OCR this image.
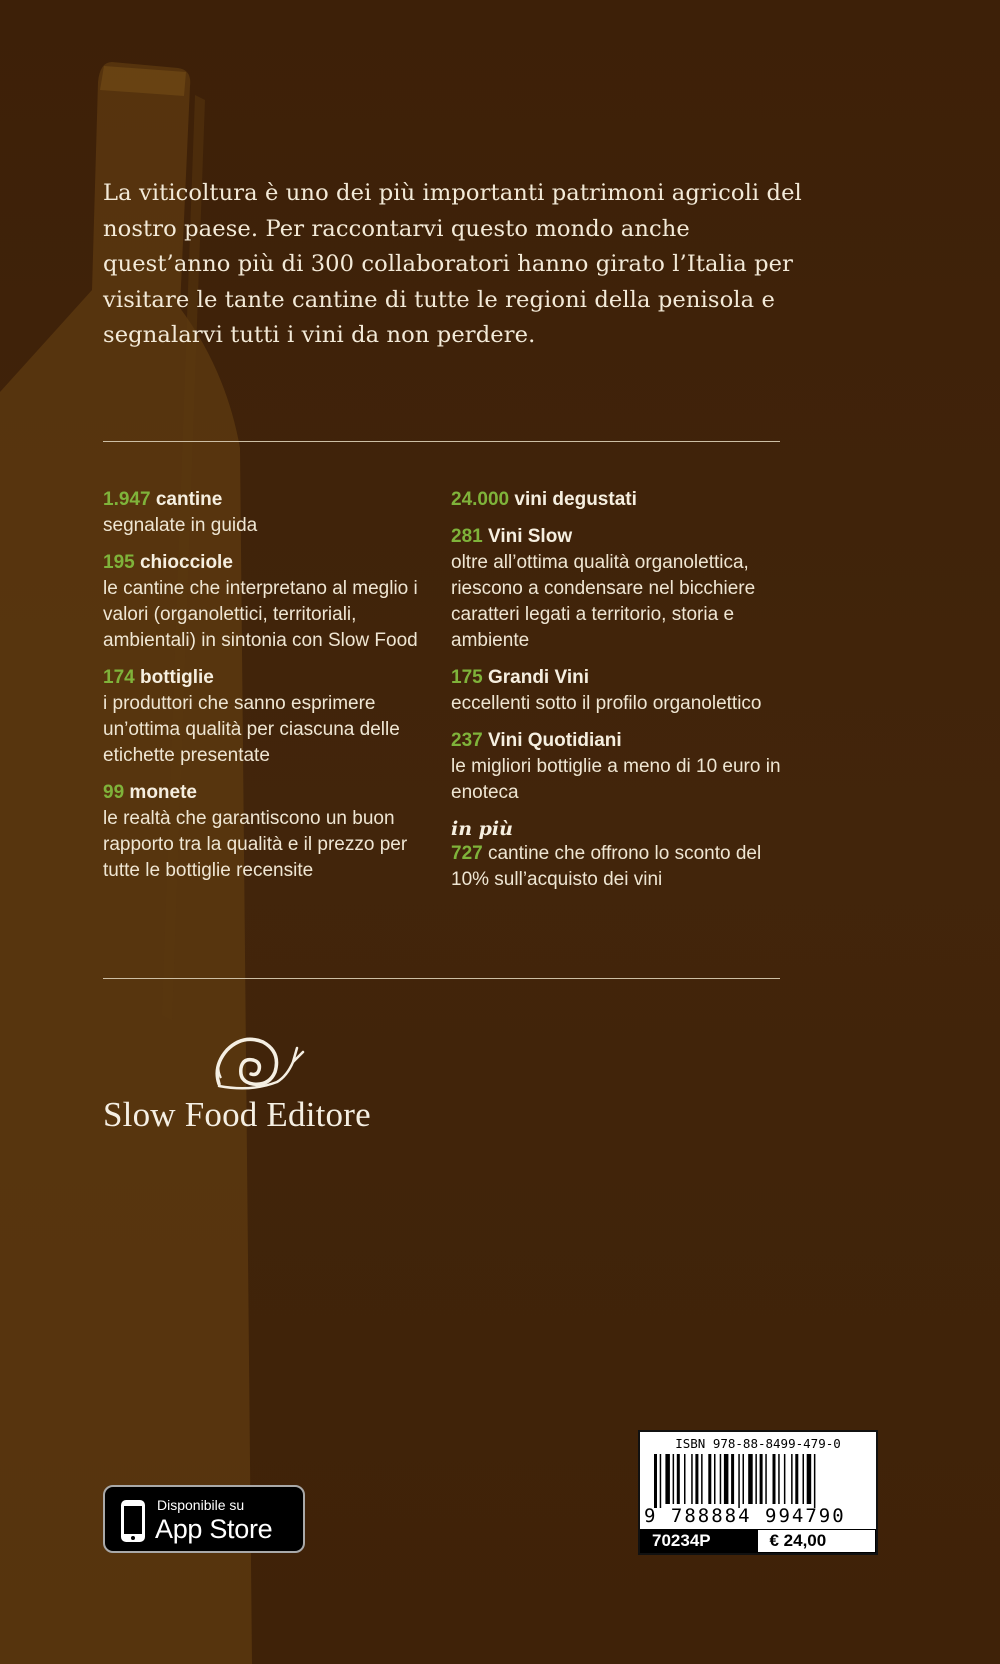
La viticoltura è uno dei più importanti patrimoni agricoli del nostro paese. Per raccontarvi questo mondo anche quest’anno più di 300 collaboratori hanno girato l’Italia per visitare le tante cantine di tutte le regioni della penisola e segnalarvi tutti i vini da non perdere.

1.947 cantine
segnalate in guida
195 chiocciole
le cantine che interpretano al meglio i valori (organolettici, territoriali, ambientali) in sintonia con Slow Food
174 bottiglie
i produttori che sanno esprimere un’ottima qualità per ciascuna delle etichette presentate
99 monete
le realtà che garantiscono un buon rapporto tra la qualità e il prezzo per tutte le bottiglie recensite
24.000 vini degustati
281 Vini Slow
oltre all’ottima qualità organolettica, riescono a condensare nel bicchiere caratteri legati a territorio, storia e ambiente
175 Grandi Vini
eccellenti sotto il profilo organolettico
237 Vini Quotidiani
le migliori bottiglie a meno di 10 euro in enoteca
in più
727 cantine che offrono lo sconto del 10% sull’acquisto dei vini
Slow Food Editore
Disponibile su
App Store
ISBN 978-88-8499-479-0
9 788884 994790
70234P	€ 24,00
